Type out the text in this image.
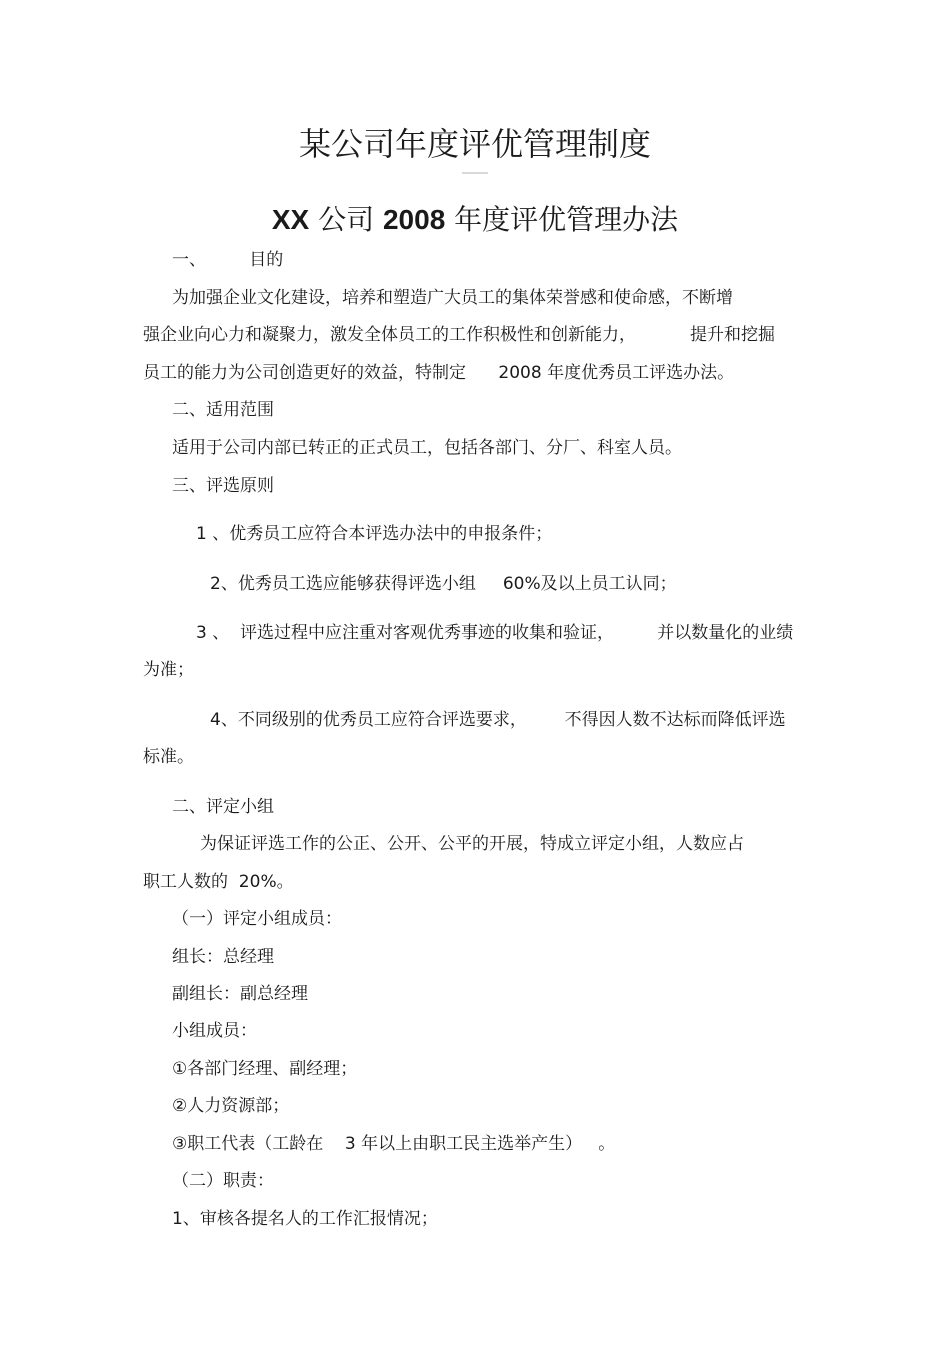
某公司年度评优管理制度
XX 公司 2008 年度评优管理办法
一、        目的
为加强企业文化建设，培养和塑造广大员工的集体荣誉感和使命感，不断增
强企业向心力和凝聚力，激发全体员工的工作积极性和创新能力，          提升和挖掘
员工的能力为公司创造更好的效益，特制定      2008 年度优秀员工评选办法。
二、适用范围
适用于公司内部已转正的正式员工，包括各部门、分厂、科室人员。
三、评选原则
1 、优秀员工应符合本评选办法中的申报条件；
2、优秀员工选应能够获得评选小组     60%及以上员工认同；
3 、  评选过程中应注重对客观优秀事迹的收集和验证，        并以数量化的业绩
为准；
4、不同级别的优秀员工应符合评选要求，       不得因人数不达标而降低评选
标准。
二、评定小组
为保证评选工作的公正、公开、公平的开展，特成立评定小组，人数应占
职工人数的  20%。
（一）评定小组成员：
组长：总经理
副组长：副总经理
小组成员：
①各部门经理、副经理；
②人力资源部；
③职工代表（工龄在    3 年以上由职工民主选举产生）   。
（二）职责：
1、审核各提名人的工作汇报情况；
